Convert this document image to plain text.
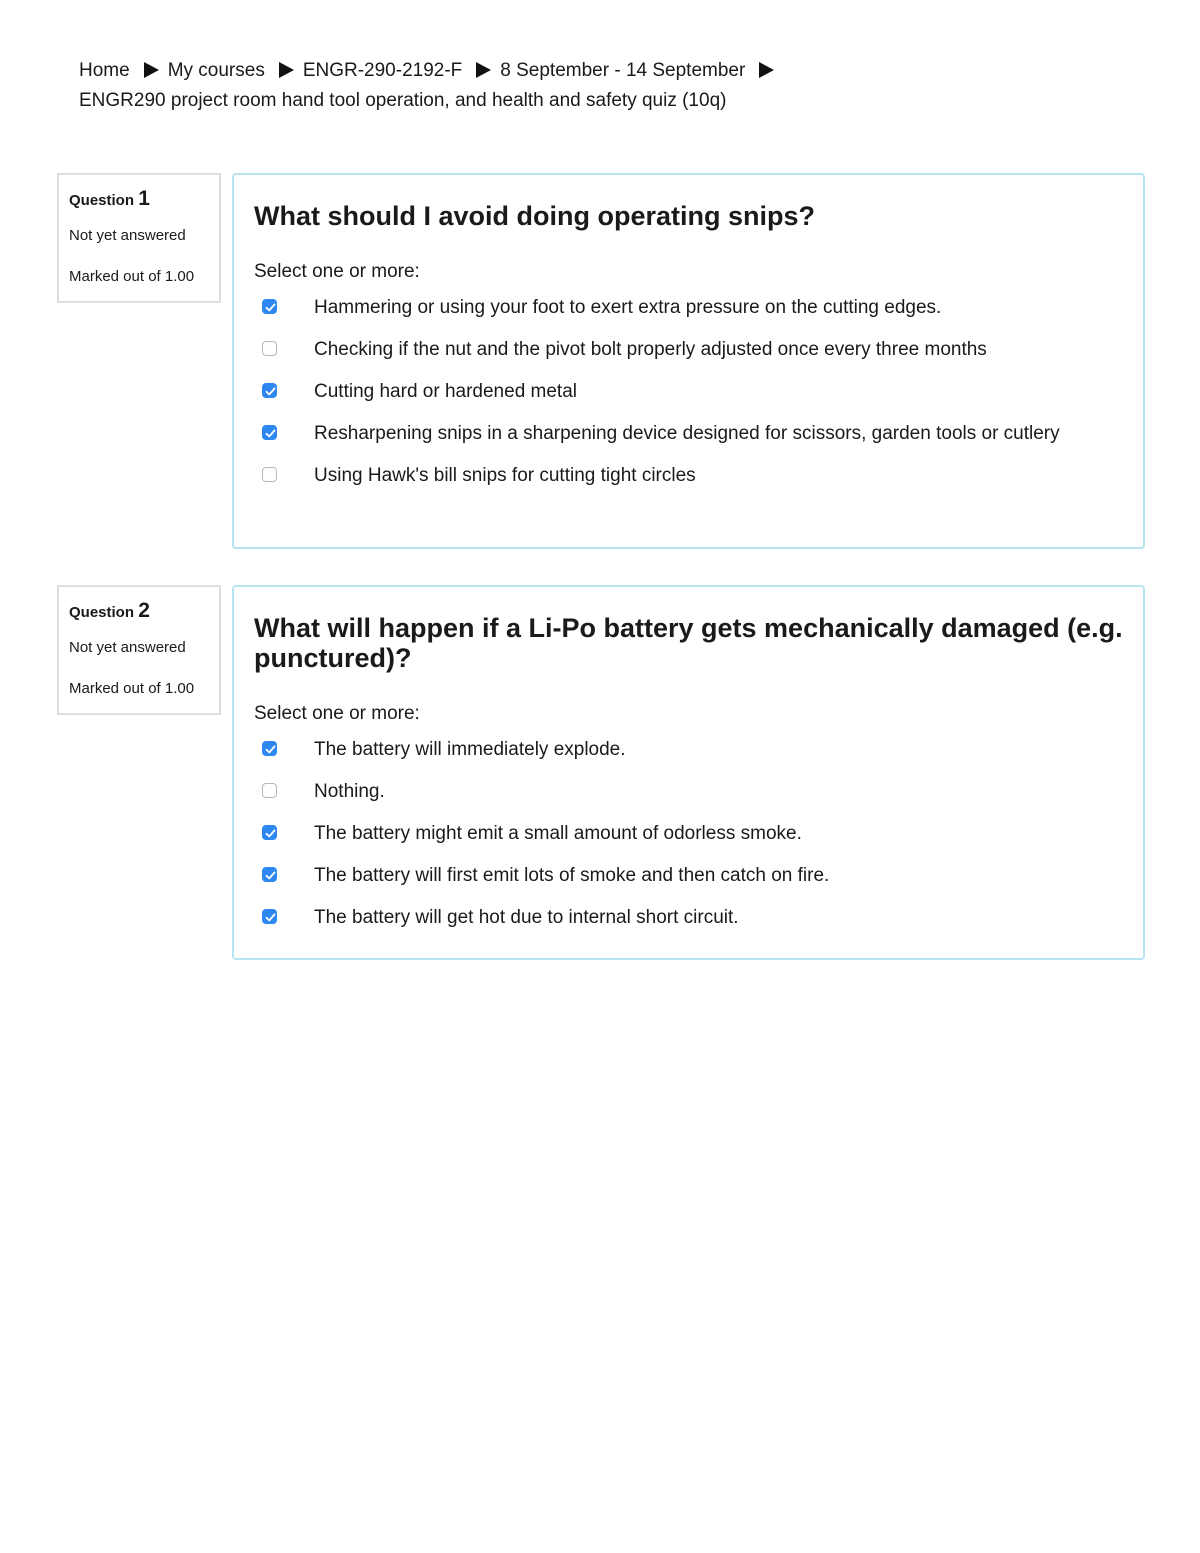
Home My courses ENGR-290-2192-F 8 September - 14 September
ENGR290 project room hand tool operation, and health and safety quiz (10q)
Question 1
Not yet answered
Marked out of 1.00
What should I avoid doing operating snips?
Select one or more:
Hammering or using your foot to exert extra pressure on the cutting edges.
Checking if the nut and the pivot bolt properly adjusted once every three months
Cutting hard or hardened metal
Resharpening snips in a sharpening device designed for scissors, garden tools or cutlery
Using Hawk's bill snips for cutting tight circles
Question 2
Not yet answered
Marked out of 1.00
What will happen if a Li-Po battery gets mechanically damaged (e.g. punctured)?
Select one or more:
The battery will immediately explode.
Nothing.
The battery might emit a small amount of odorless smoke.
The battery will first emit lots of smoke and then catch on fire.
The battery will get hot due to internal short circuit.
